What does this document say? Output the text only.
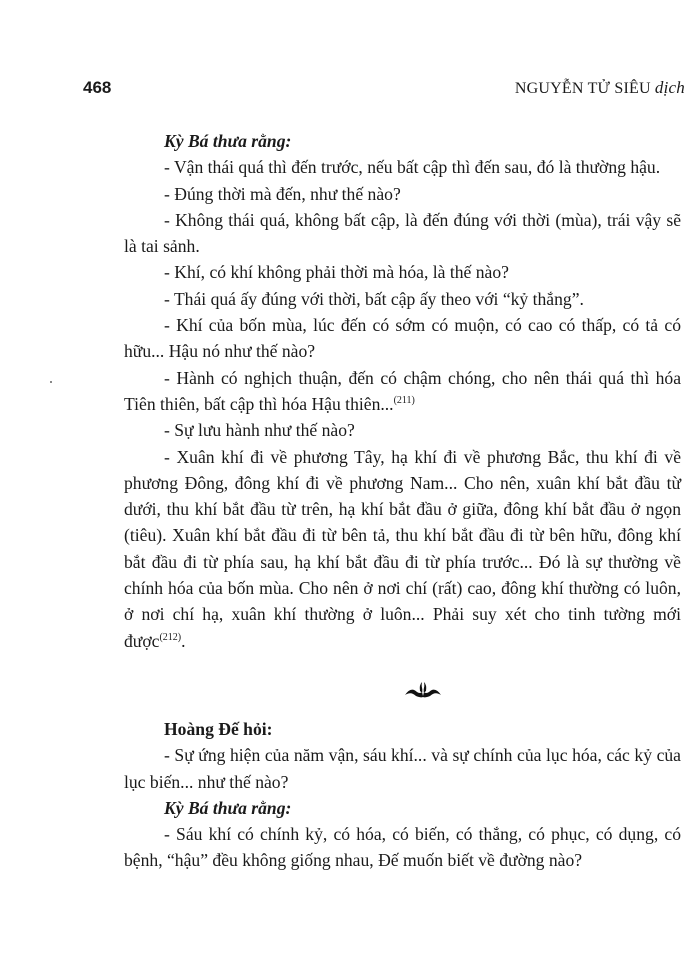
468	NGUYỄN TỬ SIÊU dịch

Kỳ Bá thưa rằng:

- Vận thái quá thì đến trước, nếu bất cập thì đến sau, đó là thường hậu.

- Đúng thời mà đến, như thế nào?

- Không thái quá, không bất cập, là đến đúng với thời (mùa), trái vậy sẽ là tai sảnh.

- Khí, có khí không phải thời mà hóa, là thế nào?

- Thái quá ấy đúng với thời, bất cập ấy theo với “kỷ thắng”.

- Khí của bốn mùa, lúc đến có sớm có muộn, có cao có thấp, có tả có hữu... Hậu nó như thế nào?

- Hành có nghịch thuận, đến có chậm chóng, cho nên thái quá thì hóa Tiên thiên, bất cập thì hóa Hậu thiên...$^{(211)}$

- Sự lưu hành như thế nào?

- Xuân khí đi về phương Tây, hạ khí đi về phương Bắc, thu khí đi về phương Đông, đông khí đi về phương Nam... Cho nên, xuân khí bắt đầu từ dưới, thu khí bắt đầu từ trên, hạ khí bắt đầu ở giữa, đông khí bắt đầu ở ngọn (tiêu). Xuân khí bắt đầu đi từ bên tả, thu khí bắt đầu đi từ bên hữu, đông khí bắt đầu đi từ phía sau, hạ khí bắt đầu đi từ phía trước... Đó là sự thường về chính hóa của bốn mùa. Cho nên ở nơi chí (rất) cao, đông khí thường có luôn, ở nơi chí hạ, xuân khí thường ở luôn... Phải suy xét cho tinh tường mới được$^{(212)}$.

Hoàng Đế hỏi:

- Sự ứng hiện của năm vận, sáu khí... và sự chính của lục hóa, các kỷ của lục biến... như thế nào?

Kỳ Bá thưa rằng:

- Sáu khí có chính kỷ, có hóa, có biến, có thắng, có phục, có dụng, có bệnh, “hậu” đều không giống nhau, Đế muốn biết về đường nào?
